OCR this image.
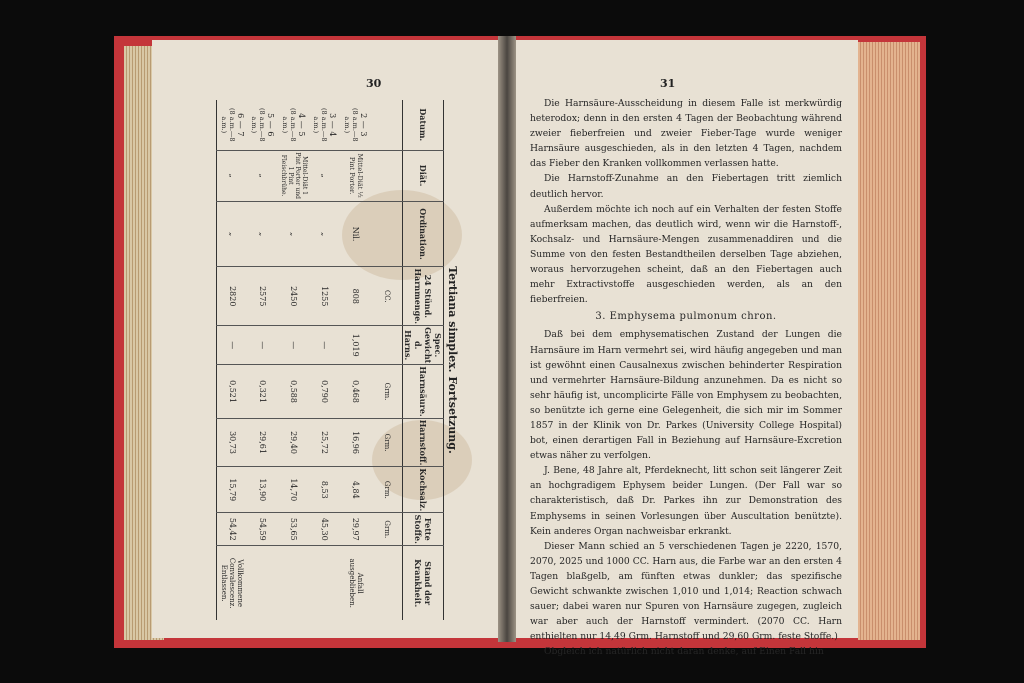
30	31
Tertiana simplex. Fortsetzung.
Datum.	Diät.	Ordination.	24 Stünd. Harnmenge.	Spec. Gewicht d. Harns.	Harnsäure.	Harnstoff.	Kochsalz.	Fette Stoffe.	Stand der Krankheit.
			CC.		Grm.	Grm.	Grm.	Grm.	

2 — 3
(8 a.m.—8 a.m.)	Mittel-Diät ½ Pint Porter.	Nil.	808	1,019	0,468	16,96	4,84	29,97	Anfall ausgeblieben.

3 — 4
(8 a.m.—8 a.m.)	„	„	1255	—	0,790	25,72	8,53	45,30	

4 — 5
(8 a.m.—8 a.m.)	Mittel-Diät 1 Pint Porter und 1 Pint Fleischbrühe.	„	2450	—	0,588	29,40	14,70	53,65	

5 — 6
(8 a.m.—8 a.m.)	„	„	2575	—	0,321	29,61	13,90	54,59	

6 — 7
(8 a.m.—8 a.m.)	„	„	2820	—	0,521	30,73	15,79	54,42	Vollkommene Convalescenz. Entlassen.

Die Harnsäure-Ausscheidung in diesem Falle ist merkwürdig heterodox; denn in den ersten 4 Tagen der Beobachtung während zweier fieberfreien und zweier Fieber-Tage wurde weniger Harnsäure ausgeschieden, als in den letzten 4 Tagen, nachdem das Fieber den Kranken vollkommen verlassen hatte.

Die Harnstoff-Zunahme an den Fiebertagen tritt ziemlich deutlich hervor.

Außerdem möchte ich noch auf ein Verhalten der festen Stoffe aufmerksam machen, das deutlich wird, wenn wir die Harnstoff-, Kochsalz- und Harnsäure-Mengen zusammenaddiren und die Summe von den festen Bestandtheilen derselben Tage abziehen, woraus hervorzugehen scheint, daß an den Fiebertagen auch mehr Extractivstoffe ausgeschieden werden, als an den fieberfreien.

3. Emphysema pulmonum chron.

Daß bei dem emphysematischen Zustand der Lungen die Harnsäure im Harn vermehrt sei, wird häufig angegeben und man ist gewöhnt einen Causalnexus zwischen behinderter Respiration und vermehrter Harnsäure-Bildung anzunehmen. Da es nicht so sehr häufig ist, uncomplicirte Fälle von Emphysem zu beobachten, so benützte ich gerne eine Gelegenheit, die sich mir im Sommer 1857 in der Klinik von Dr. Parkes (University College Hospital) bot, einen derartigen Fall in Beziehung auf Harnsäure-Excretion etwas näher zu verfolgen.

J. Bene, 48 Jahre alt, Pferdeknecht, litt schon seit längerer Zeit an hochgradigem Ephysem beider Lungen. (Der Fall war so charakteristisch, daß Dr. Parkes ihn zur Demonstration des Emphysems in seinen Vorlesungen über Auscultation benützte). Kein anderes Organ nachweisbar erkrankt.

Dieser Mann schied an 5 verschiedenen Tagen je 2220, 1570, 2070, 2025 und 1000 CC. Harn aus, die Farbe war an den ersten 4 Tagen blaßgelb, am fünften etwas dunkler; das spezifische Gewicht schwankte zwischen 1,010 und 1,014; Reaction schwach sauer; dabei waren nur Spuren von Harnsäure zugegen, zugleich war aber auch der Harnstoff vermindert. (2070 CC. Harn enthielten nur 14,49 Grm. Harnstoff und 29,60 Grm. feste Stoffe.)

Obgleich ich natürlich nicht daran denke, auf Einen Fall hin
